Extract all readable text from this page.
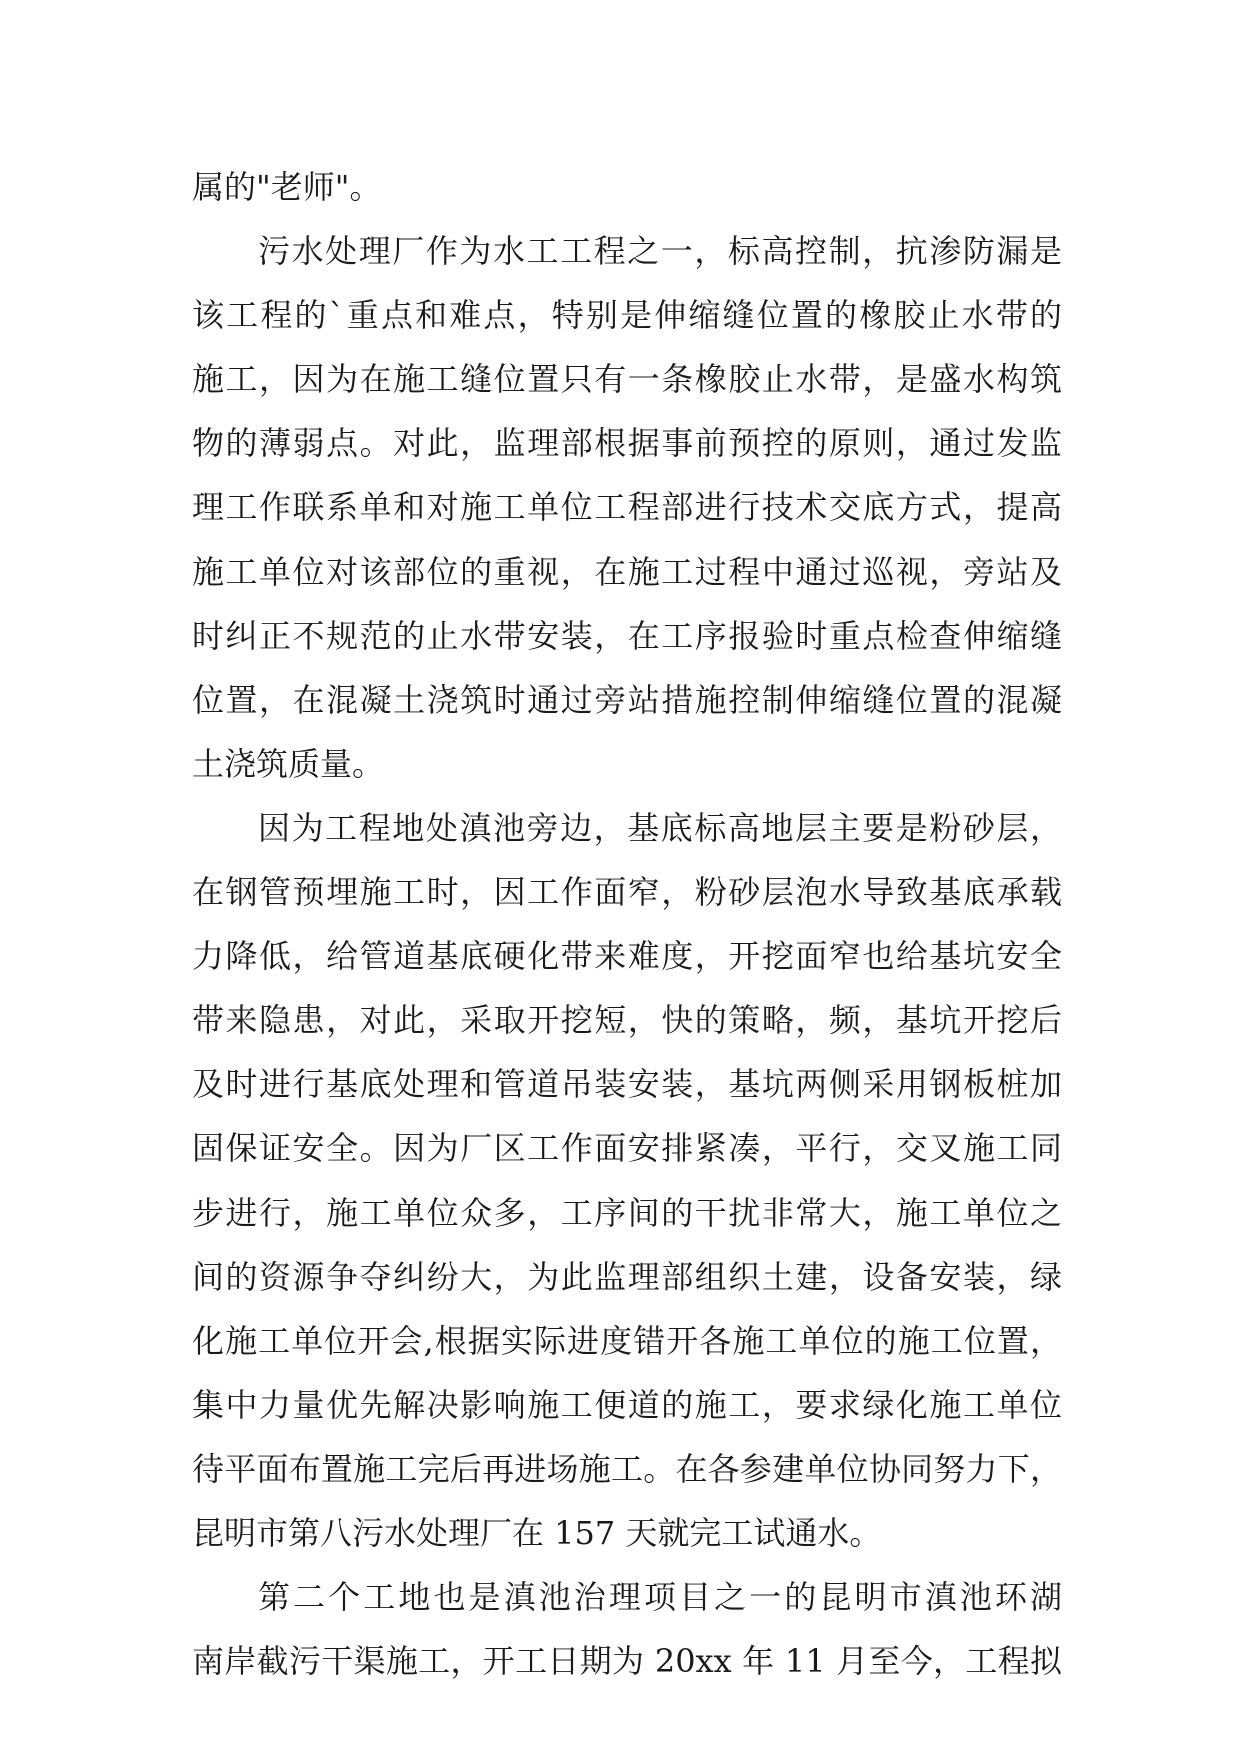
属的"老师"。
污水处理厂作为水工工程之一，标高控制，抗渗防漏是
该工程的`重点和难点，特别是伸缩缝位置的橡胶止水带的
施工，因为在施工缝位置只有一条橡胶止水带，是盛水构筑
物的薄弱点。对此，监理部根据事前预控的原则，通过发监
理工作联系单和对施工单位工程部进行技术交底方式，提高
施工单位对该部位的重视，在施工过程中通过巡视，旁站及
时纠正不规范的止水带安装，在工序报验时重点检查伸缩缝
位置，在混凝土浇筑时通过旁站措施控制伸缩缝位置的混凝
土浇筑质量。
因为工程地处滇池旁边，基底标高地层主要是粉砂层，
在钢管预埋施工时，因工作面窄，粉砂层泡水导致基底承载
力降低，给管道基底硬化带来难度，开挖面窄也给基坑安全
带来隐患，对此，采取开挖短，快的策略，频，基坑开挖后
及时进行基底处理和管道吊装安装，基坑两侧采用钢板桩加
固保证安全。因为厂区工作面安排紧凑，平行，交叉施工同
步进行，施工单位众多，工序间的干扰非常大，施工单位之
间的资源争夺纠纷大，为此监理部组织土建，设备安装，绿
化施工单位开会,根据实际进度错开各施工单位的施工位置，
集中力量优先解决影响施工便道的施工，要求绿化施工单位
待平面布置施工完后再进场施工。在各参建单位协同努力下，
昆明市第八污水处理厂在 157 天就完工试通水。
第二个工地也是滇池治理项目之一的昆明市滇池环湖
南岸截污干渠施工，开工日期为 20xx 年 11 月至今，工程拟
